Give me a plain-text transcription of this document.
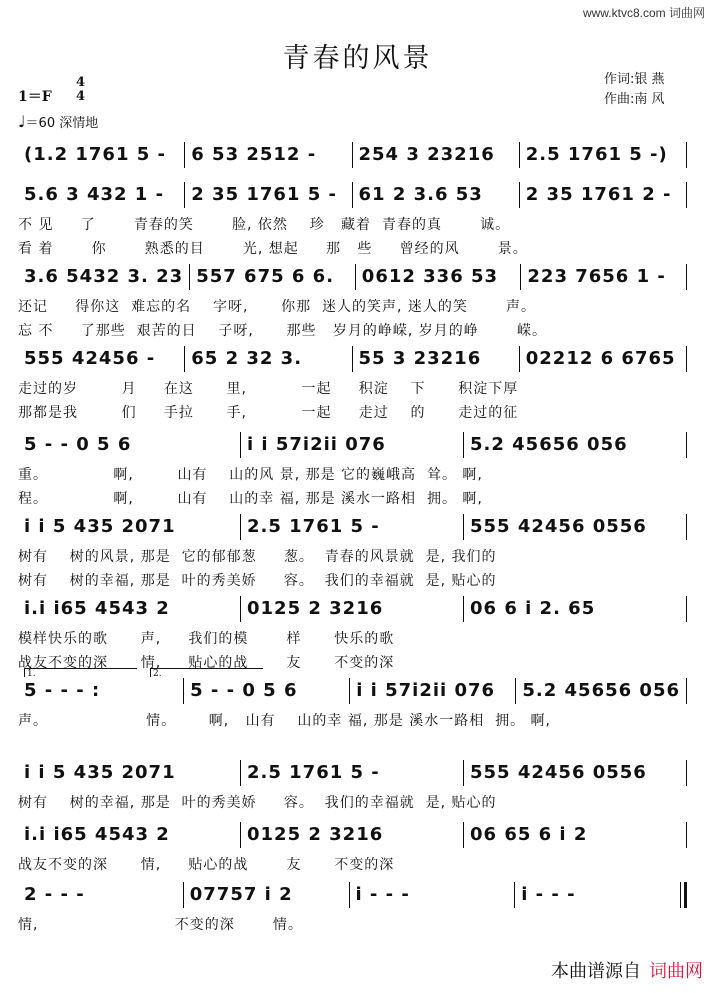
www.ktvc8.com 词曲网
青春的风景
作词:银 燕
作曲:南 风
1＝F
4
4
♩＝60 深情地
(1.2 1761 5 -	6 53 2512 -	254 3 23216	2.5 1761 5 -)
5.6 3 432 1 -	2 35 1761 5 -	61 2 3.6 53	2 35 1761 2 -
不 见     了       青春的笑       脸, 依然    珍   藏着  青春的真       诚。
看 着       你       熟悉的目       光, 想起     那   些     曾经的风       景。
3.6 5432 3. 23 557 675 6 6.	0612 336 53	223 7656 1 -
还记     得你这  难忘的名    字呀,      你那  迷人的笑声, 迷人的笑       声。
忘 不     了那些  艰苦的日    子呀,      那些   岁月的峥嵘, 岁月的峥       嵘。
555 42456 -	65 2 32 3.	55 3 23216	02212 6 6765
走过的岁        月     在这      里,          一起     积淀    下      积淀下厚
那都是我        们     手拉      手,          一起     走过    的      走过的征
5 - - 0 5 6	i i 57i2ii 076	5.2 45656 056
重。            啊,        山有    山的风 景, 那是 它的巍峨高  耸。 啊,
程。            啊,        山有    山的幸 福, 那是 溪水一路相  拥。 啊,
i i 5 435 2071	2.5 1761 5 -	555 42456 0556
树有    树的风景, 那是  它的郁郁葱     葱。  青春的风景就  是, 我们的
树有    树的幸福, 那是  叶的秀美娇     容。  我们的幸福就  是, 贴心的
i.i i65 4543 2	0125 2 3216	06 6 i 2. 65
模样快乐的歌      声,     我们的模       样      快乐的歌
战友不变的深      情,     贴心的战       友      不变的深
5 - - - :	5 - - 0 5 6	i i 57i2ii 076	5.2 45656 056
1.	2.
声。                  情。      啊,   山有    山的幸 福, 那是 溪水一路相  拥。 啊,
i i 5 435 2071	2.5 1761 5 -	555 42456 0556
树有    树的幸福, 那是  叶的秀美娇     容。  我们的幸福就  是, 贴心的
i.i i65 4543 2	0125 2 3216	06 65 6 i 2
战友不变的深      情,     贴心的战       友      不变的深
2 - - -	07757 i 2	i - - -	i - - -
情,                         不变的深       情。
本曲谱源自 词曲网
